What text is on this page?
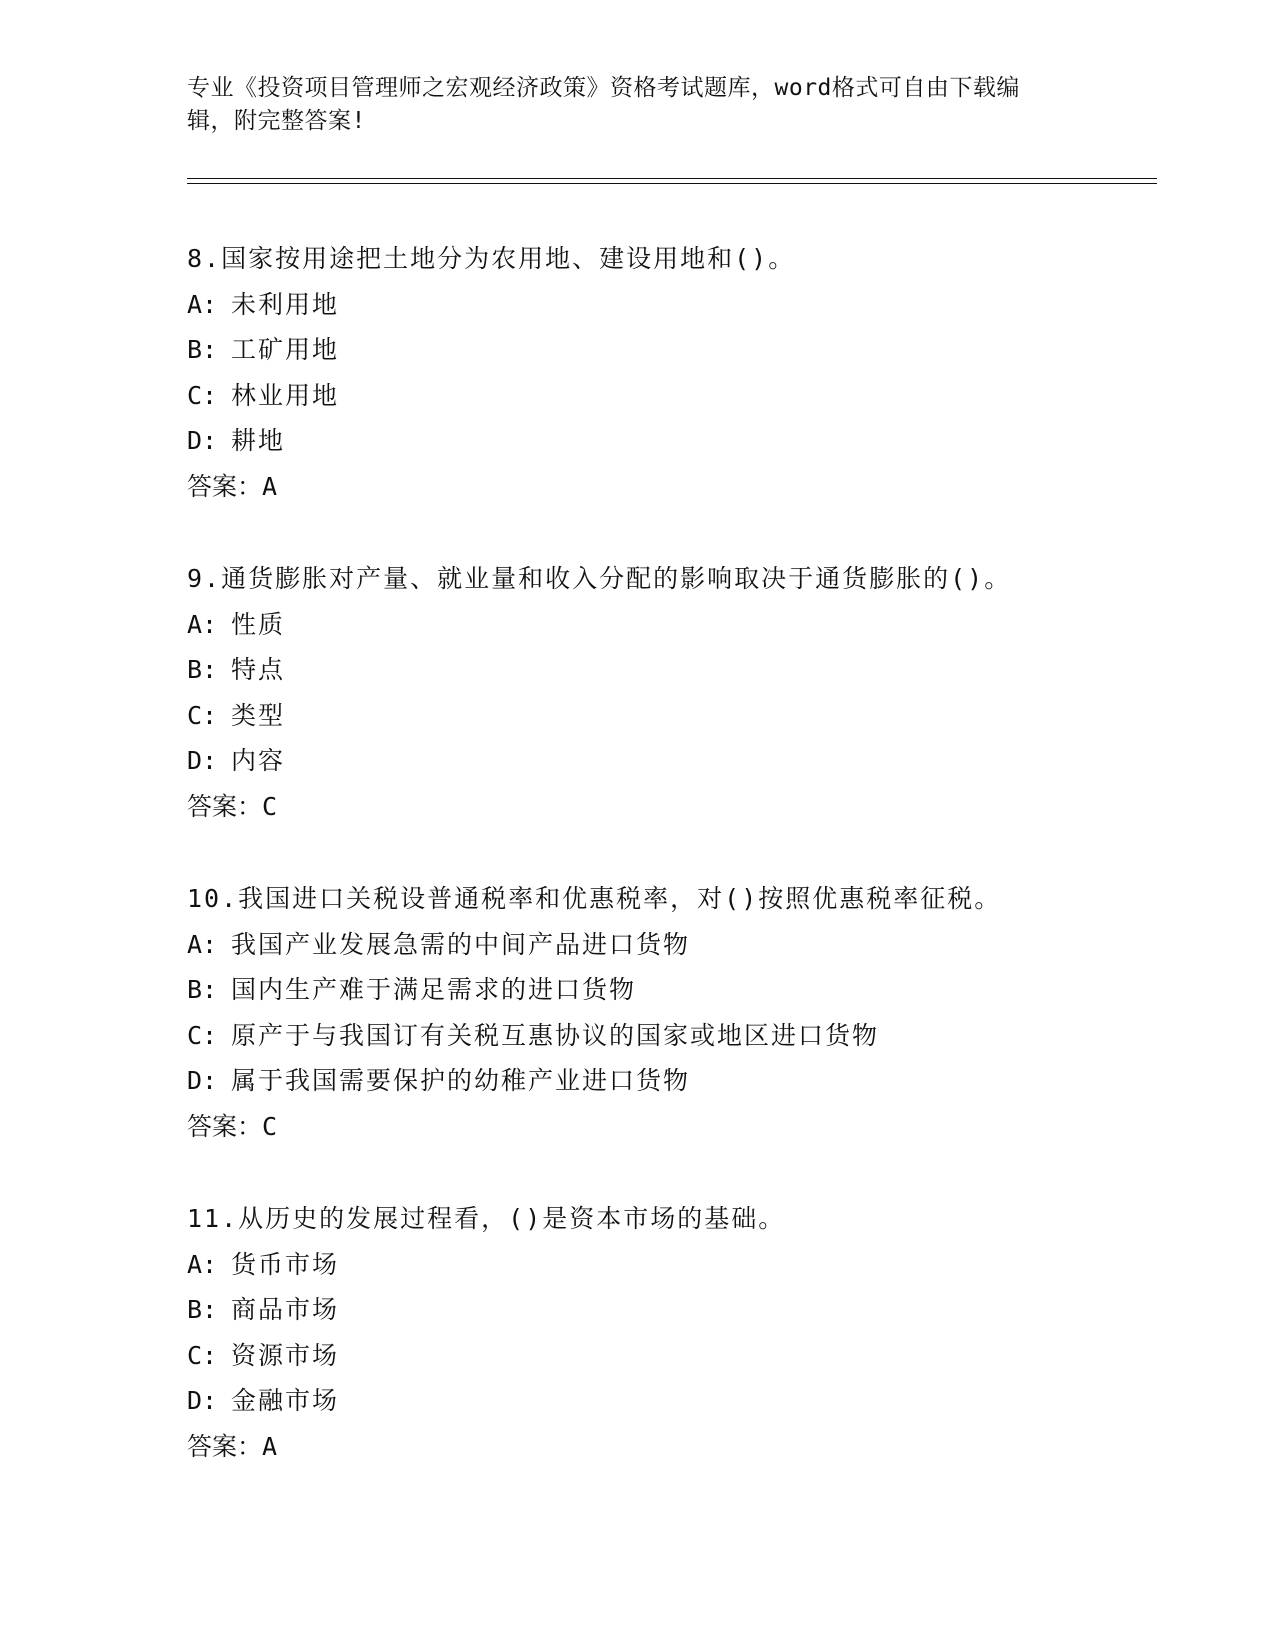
专业《投资项目管理师之宏观经济政策》资格考试题库，word格式可自由下载编
辑，附完整答案!
8.国家按用途把土地分为农用地、建设用地和()。
A: 未利用地
B: 工矿用地
C: 林业用地
D: 耕地
答案：A
9.通货膨胀对产量、就业量和收入分配的影响取决于通货膨胀的()。
A: 性质
B: 特点
C: 类型
D: 内容
答案：C
10.我国进口关税设普通税率和优惠税率，对()按照优惠税率征税。
A: 我国产业发展急需的中间产品进口货物
B: 国内生产难于满足需求的进口货物
C: 原产于与我国订有关税互惠协议的国家或地区进口货物
D: 属于我国需要保护的幼稚产业进口货物
答案：C
11.从历史的发展过程看，()是资本市场的基础。
A: 货币市场
B: 商品市场
C: 资源市场
D: 金融市场
答案：A
